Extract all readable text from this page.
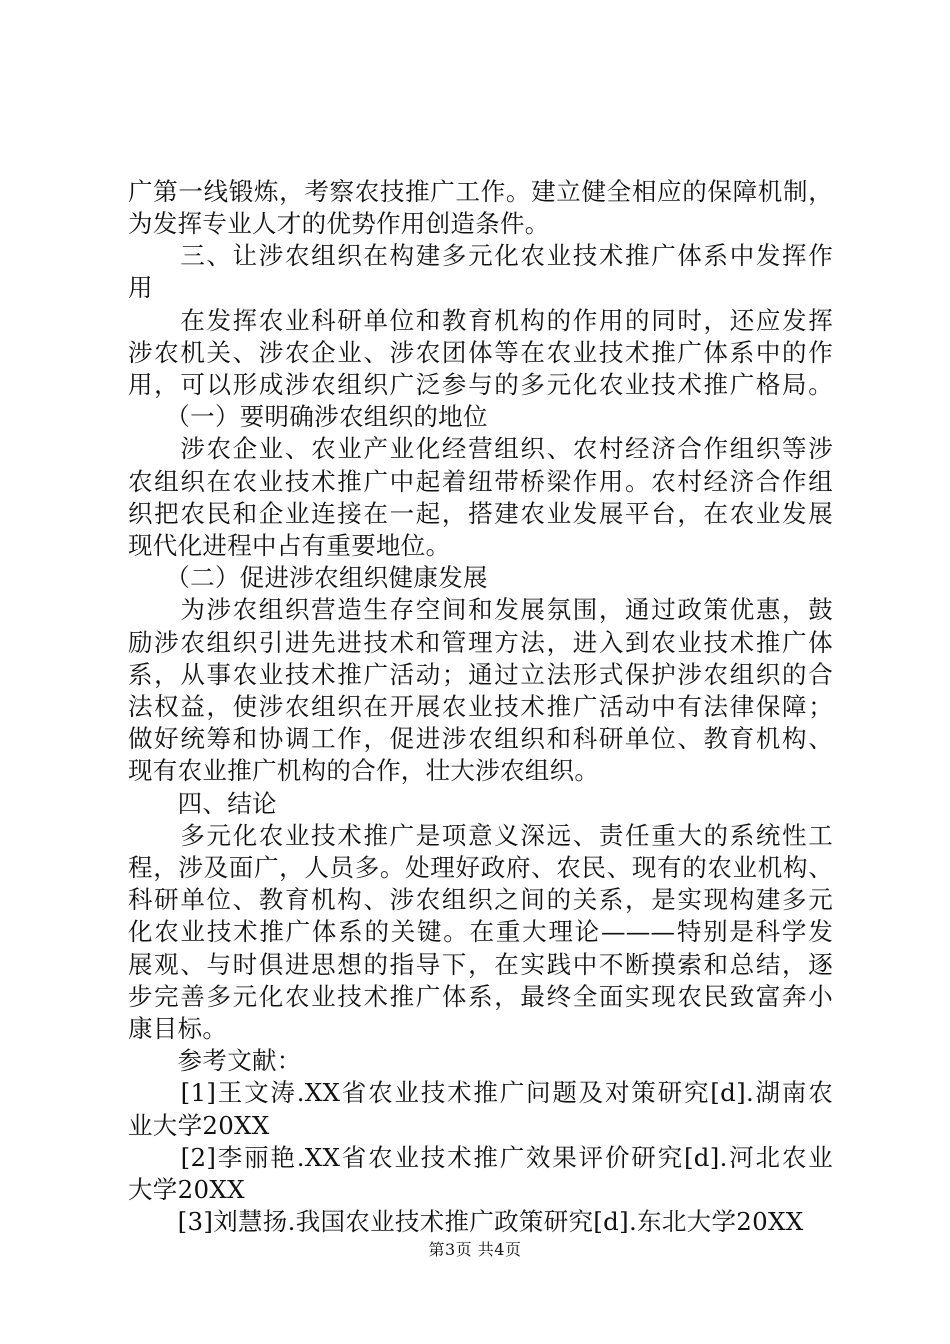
广第一线锻炼，考察农技推广工作。建立健全相应的保障机制，
为发挥专业人才的优势作用创造条件。
　　三、让涉农组织在构建多元化农业技术推广体系中发挥作
用
　　在发挥农业科研单位和教育机构的作用的同时，还应发挥
涉农机关、涉农企业、涉农团体等在农业技术推广体系中的作
用，可以形成涉农组织广泛参与的多元化农业技术推广格局。
　　（一）要明确涉农组织的地位
　　涉农企业、农业产业化经营组织、农村经济合作组织等涉
农组织在农业技术推广中起着纽带桥梁作用。农村经济合作组
织把农民和企业连接在一起，搭建农业发展平台，在农业发展
现代化进程中占有重要地位。
　　（二）促进涉农组织健康发展
　　为涉农组织营造生存空间和发展氛围，通过政策优惠，鼓
励涉农组织引进先进技术和管理方法，进入到农业技术推广体
系，从事农业技术推广活动；通过立法形式保护涉农组织的合
法权益，使涉农组织在开展农业技术推广活动中有法律保障；
做好统筹和协调工作，促进涉农组织和科研单位、教育机构、
现有农业推广机构的合作，壮大涉农组织。
　　四、结论
　　多元化农业技术推广是项意义深远、责任重大的系统性工
程，涉及面广，人员多。处理好政府、农民、现有的农业机构、
科研单位、教育机构、涉农组织之间的关系，是实现构建多元
化农业技术推广体系的关键。在重大理论———特别是科学发
展观、与时俱进思想的指导下，在实践中不断摸索和总结，逐
步完善多元化农业技术推广体系，最终全面实现农民致富奔小
康目标。
　　参考文献：
　　[1]王文涛.XX省农业技术推广问题及对策研究[d].湖南农
业大学20XX
　　[2]李丽艳.XX省农业技术推广效果评价研究[d].河北农业
大学20XX
　　[3]刘慧扬.我国农业技术推广政策研究[d].东北大学20XX
第3页 共4页
